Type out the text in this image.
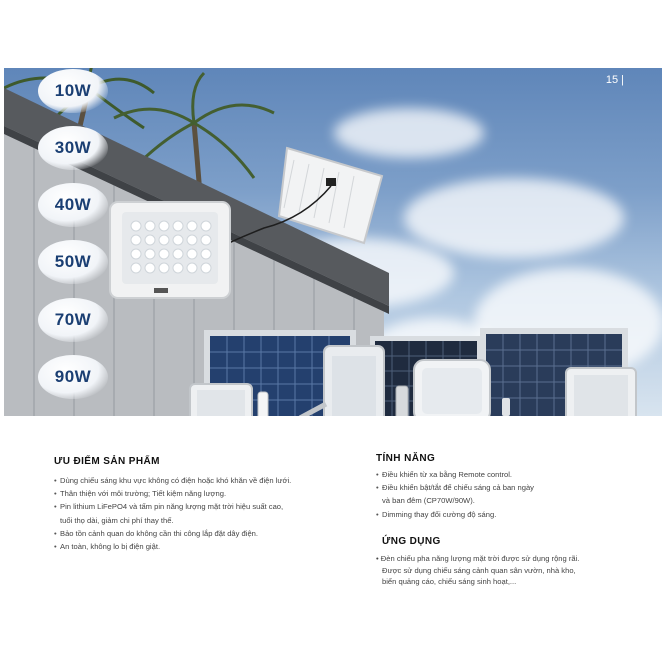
15 |
10W
30W
40W
50W
70W
90W
ƯU ĐIỂM SẢN PHẨM
• Dùng chiếu sáng khu vực không có điện hoặc khó khăn về điện lưới.
• Thân thiện với môi trường; Tiết kiệm năng lượng.
• Pin lithium LiFePO4 và tấm pin năng lượng mặt trời hiệu suất cao,
tuổi thọ dài, giảm chi phí thay thế.
• Bảo tồn cảnh quan do không cần thi công lắp đặt dây điện.
• An toàn, không lo bị điện giật.
TÍNH NĂNG
• Điều khiển từ xa bằng Remote control.
• Điều khiển bật/tắt để chiếu sáng cả ban ngày
và ban đêm (CP70W/90W).
• Dimming thay đổi cường độ sáng.
ỨNG DỤNG
• Đèn chiếu pha năng lượng mặt trời được sử dụng rộng rãi.
Được sử dụng chiếu sáng cảnh quan sân vườn, nhà kho,
biển quảng cáo, chiếu sáng sinh hoạt,...
